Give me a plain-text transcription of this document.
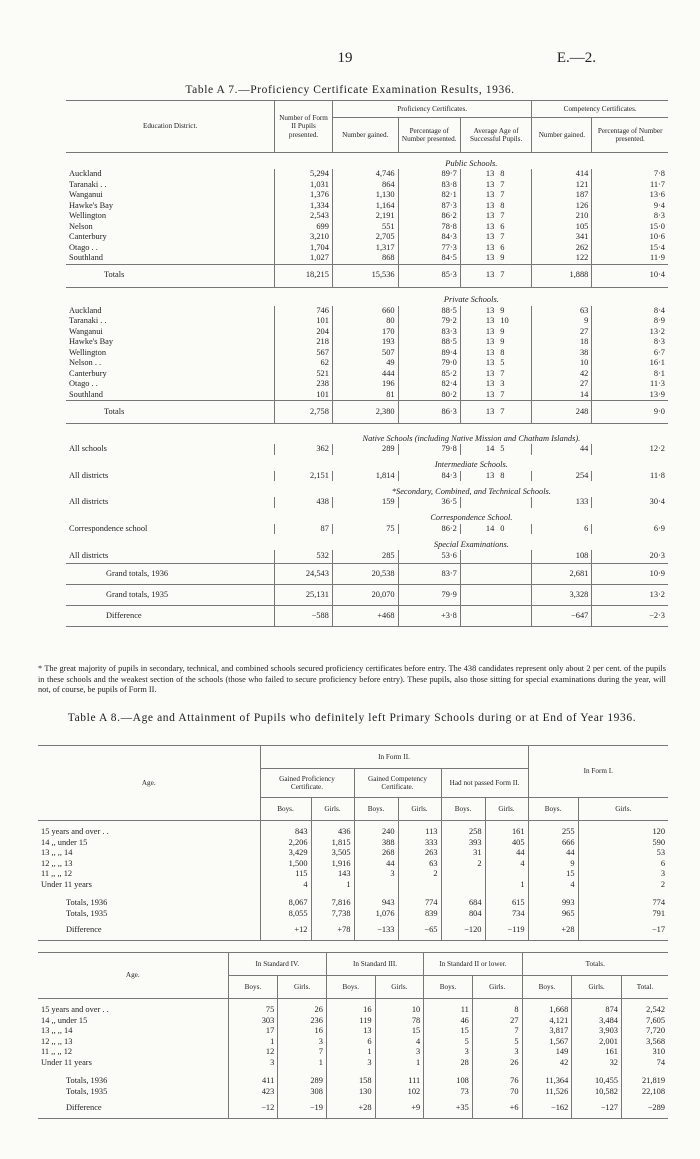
19	E.—2.
Table A 7.—Proficiency Certificate Examination Results, 1936.
Education District.	Number of Form II Pupils presented.	Proficiency Certificates.				Competency Certificates.	
		Number gained.	Percentage of Number presented.	Average Age of Successful Pupils.		Number gained.	Percentage of Number presented.
	Public Schools.						
Auckland	5,294	4,746	89·7	13	8	414	7·8
Taranaki . .	1,031	864	83·8	13	7	121	11·7
Wanganui	1,376	1,130	82·1	13	7	187	13·6
Hawke's Bay	1,334	1,164	87·3	13	8	126	9·4
Wellington	2,543	2,191	86·2	13	7	210	8·3
Nelson	699	551	78·8	13	6	105	15·0
Canterbury	3,210	2,705	84·3	13	7	341	10·6
Otago . .	1,704	1,317	77·3	13	6	262	15·4
Southland	1,027	868	84·5	13	9	122	11·9
Totals	18,215	15,536	85·3	13	7	1,888	10·4
	Private Schools.						
Auckland	746	660	88·5	13	9	63	8·4
Taranaki . .	101	80	79·2	13	10	9	8·9
Wanganui	204	170	83·3	13	9	27	13·2
Hawke's Bay	218	193	88·5	13	9	18	8·3
Wellington	567	507	89·4	13	8	38	6·7
Nelson . .	62	49	79·0	13	5	10	16·1
Canterbury	521	444	85·2	13	7	42	8·1
Otago . .	238	196	82·4	13	3	27	11·3
Southland	101	81	80·2	13	7	14	13·9
Totals	2,758	2,380	86·3	13	7	248	9·0
	Native Schools (including Native Mission and Chatham Islands).						
All schools	362	289	79·8	14	5	44	12·2
	Intermediate Schools.						
All districts	2,151	1,814	84·3	13	8	254	11·8
	*Secondary, Combined, and Technical Schools.						
All districts	438	159	36·5			133	30·4
	Correspondence School.						
Correspondence school	87	75	86·2	14	0	6	6·9
	Special Examinations.						
All districts	532	285	53·6			108	20·3
Grand totals, 1936	24,543	20,538	83·7			2,681	10·9
Grand totals, 1935	25,131	20,070	79·9			3,328	13·2
Difference	−588	+468	+3·8			−647	−2·3
* The great majority of pupils in secondary, technical, and combined schools secured proficiency certificates before entry. The 438 candidates represent only about 2 per cent. of the pupils in these schools and the weakest section of the schools (those who failed to secure proficiency before entry). These pupils, also those sitting for special examinations during the year, will not, of course, be pupils of Form II.
Table A 8.—Age and Attainment of Pupils who definitely left Primary Schools during or at End of Year 1936.
Age.	In Form II.						In Form I.	
	Gained Proficiency Certificate.		Gained Competency Certificate.		Had not passed Form II.			
	Boys.	Girls.	Boys.	Girls.	Boys.	Girls.	Boys.	Girls.
15 years and over . .	843	436	240	113	258	161	255	120
14 ,, under 15	2,206	1,815	388	333	393	405	666	590
13 ,, ,, 14	3,429	3,505	268	263	31	44	44	53
12 ,, ,, 13	1,500	1,916	44	63	2	4	9	6
11 ,, ,, 12	115	143	3	2			15	3
Under 11 years	4	1				1	4	2
Totals, 1936	8,067	7,816	943	774	684	615	993	774
Totals, 1935	8,055	7,738	1,076	839	804	734	965	791
Difference	+12	+78	−133	−65	−120	−119	+28	−17
Age.	In Standard IV.		In Standard III.		In Standard II or lower.		Totals.		
	Boys.	Girls.	Boys.	Girls.	Boys.	Girls.	Boys.	Girls.	Total.
15 years and over . .	75	26	16	10	11	8	1,668	874	2,542
14 ,, under 15	303	236	119	78	46	27	4,121	3,484	7,605
13 ,, ,, 14	17	16	13	15	15	7	3,817	3,903	7,720
12 ,, ,, 13	1	3	6	4	5	5	1,567	2,001	3,568
11 ,, ,, 12	12	7	1	3	3	3	149	161	310
Under 11 years	3	1	3	1	28	26	42	32	74
Totals, 1936	411	289	158	111	108	76	11,364	10,455	21,819
Totals, 1935	423	308	130	102	73	70	11,526	10,582	22,108
Difference	−12	−19	+28	+9	+35	+6	−162	−127	−289
